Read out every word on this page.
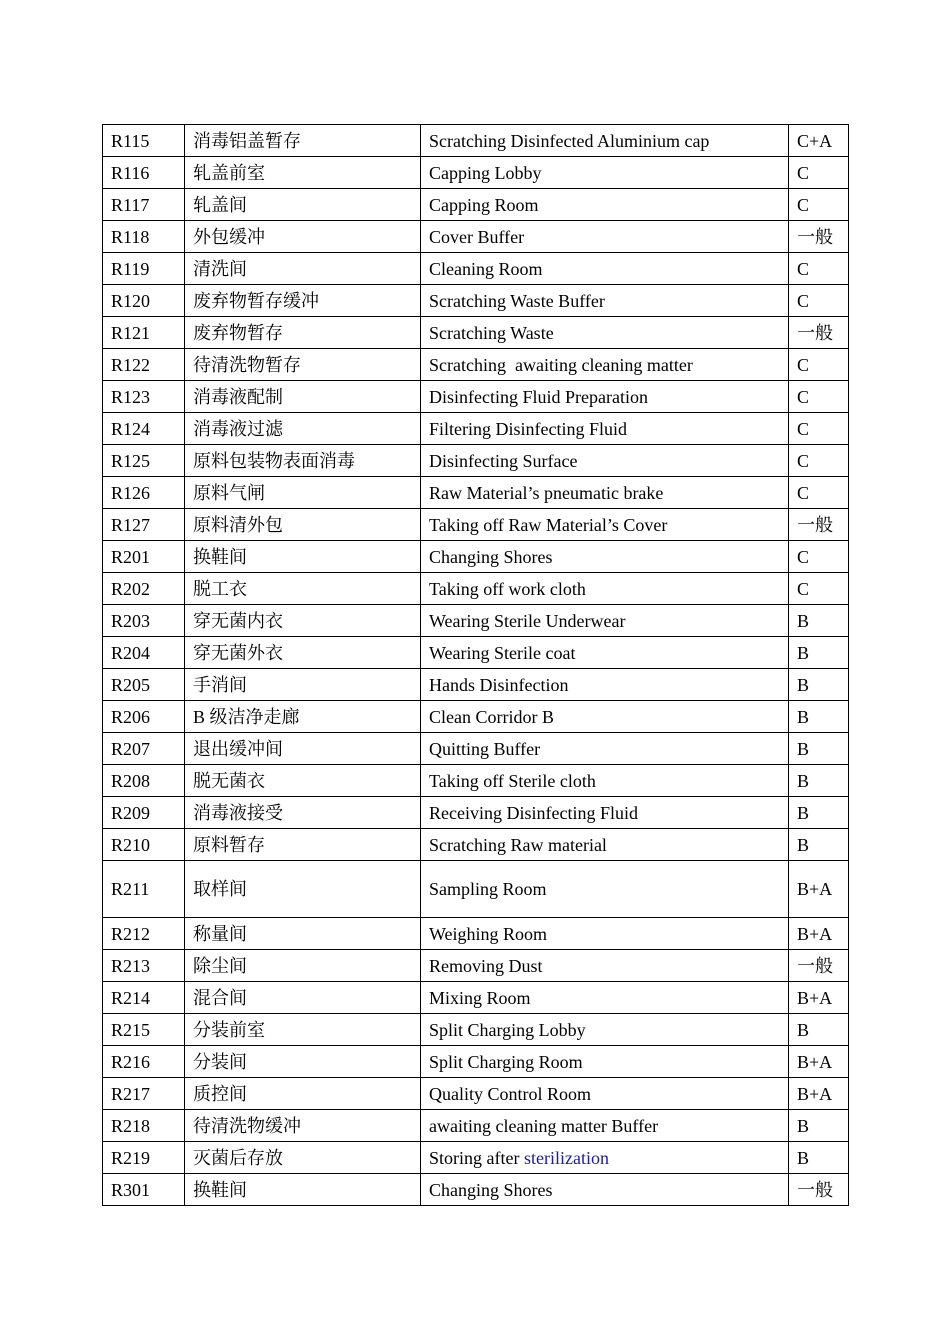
R115	消毒铝盖暂存	Scratching Disinfected Aluminium cap	C+A
R116	轧盖前室	Capping Lobby	C
R117	轧盖间	Capping Room	C
R118	外包缓冲	Cover Buffer	一般
R119	清洗间	Cleaning Room	C
R120	废弃物暂存缓冲	Scratching Waste Buffer	C
R121	废弃物暂存	Scratching Waste	一般
R122	待清洗物暂存	Scratching  awaiting cleaning matter	C
R123	消毒液配制	Disinfecting Fluid Preparation	C
R124	消毒液过滤	Filtering Disinfecting Fluid	C
R125	原料包装物表面消毒	Disinfecting Surface	C
R126	原料气闸	Raw Material’s pneumatic brake	C
R127	原料清外包	Taking off Raw Material’s Cover	一般
R201	换鞋间	Changing Shores	C
R202	脱工衣	Taking off work cloth	C
R203	穿无菌内衣	Wearing Sterile Underwear	B
R204	穿无菌外衣	Wearing Sterile coat	B
R205	手消间	Hands Disinfection	B
R206	B 级洁净走廊	Clean Corridor B	B
R207	退出缓冲间	Quitting Buffer	B
R208	脱无菌衣	Taking off Sterile cloth	B
R209	消毒液接受	Receiving Disinfecting Fluid	B
R210	原料暂存	Scratching Raw material	B
R211	取样间	Sampling Room	B+A
R212	称量间	Weighing Room	B+A
R213	除尘间	Removing Dust	一般
R214	混合间	Mixing Room	B+A
R215	分装前室	Split Charging Lobby	B
R216	分装间	Split Charging Room	B+A
R217	质控间	Quality Control Room	B+A
R218	待清洗物缓冲	awaiting cleaning matter Buffer	B
R219	灭菌后存放	Storing after sterilization	B
R301	换鞋间	Changing Shores	一般
